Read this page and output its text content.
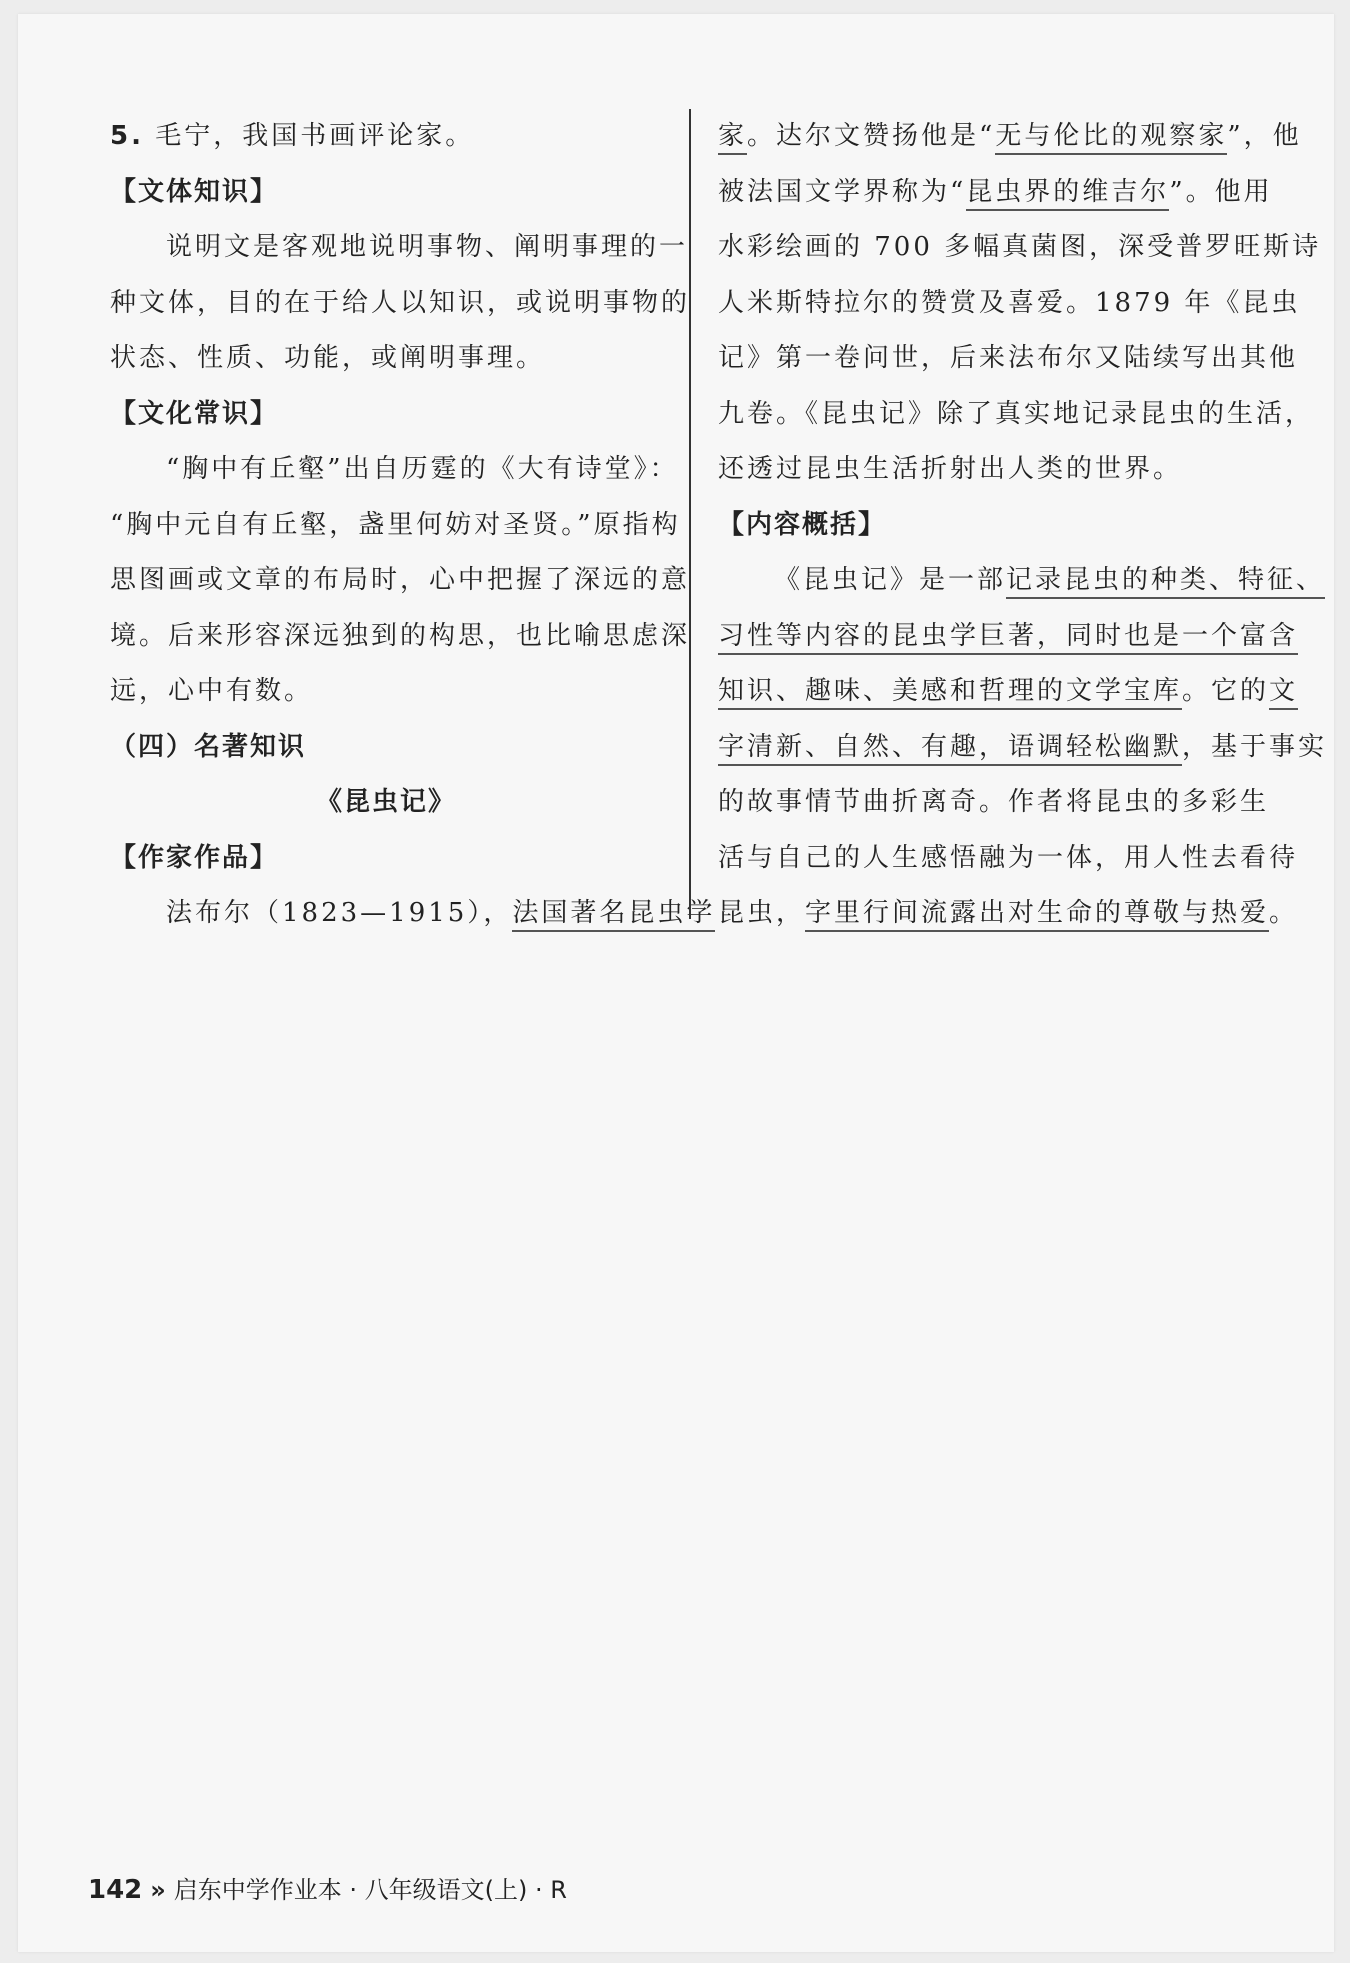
5. 毛宁，我国书画评论家。
【文体知识】
说明文是客观地说明事物、阐明事理的一
种文体，目的在于给人以知识，或说明事物的
状态、性质、功能，或阐明事理。
【文化常识】
“胸中有丘壑”出自历霆的《大有诗堂》：
“胸中元自有丘壑，盏里何妨对圣贤。”原指构
思图画或文章的布局时，心中把握了深远的意
境。后来形容深远独到的构思，也比喻思虑深
远，心中有数。
（四）名著知识
《昆虫记》
【作家作品】
法布尔（1823—1915），法国著名昆虫学
家。达尔文赞扬他是“无与伦比的观察家”，他
被法国文学界称为“昆虫界的维吉尔”。他用
水彩绘画的 700 多幅真菌图，深受普罗旺斯诗
人米斯特拉尔的赞赏及喜爱。1879 年《昆虫
记》第一卷问世，后来法布尔又陆续写出其他
九卷。《昆虫记》除了真实地记录昆虫的生活，
还透过昆虫生活折射出人类的世界。
【内容概括】
《昆虫记》是一部记录昆虫的种类、特征、
习性等内容的昆虫学巨著，同时也是一个富含
知识、趣味、美感和哲理的文学宝库。它的文
字清新、自然、有趣，语调轻松幽默，基于事实
的故事情节曲折离奇。作者将昆虫的多彩生
活与自己的人生感悟融为一体，用人性去看待
昆虫，字里行间流露出对生命的尊敬与热爱。
142 » 启东中学作业本 · 八年级语文(上) · R
